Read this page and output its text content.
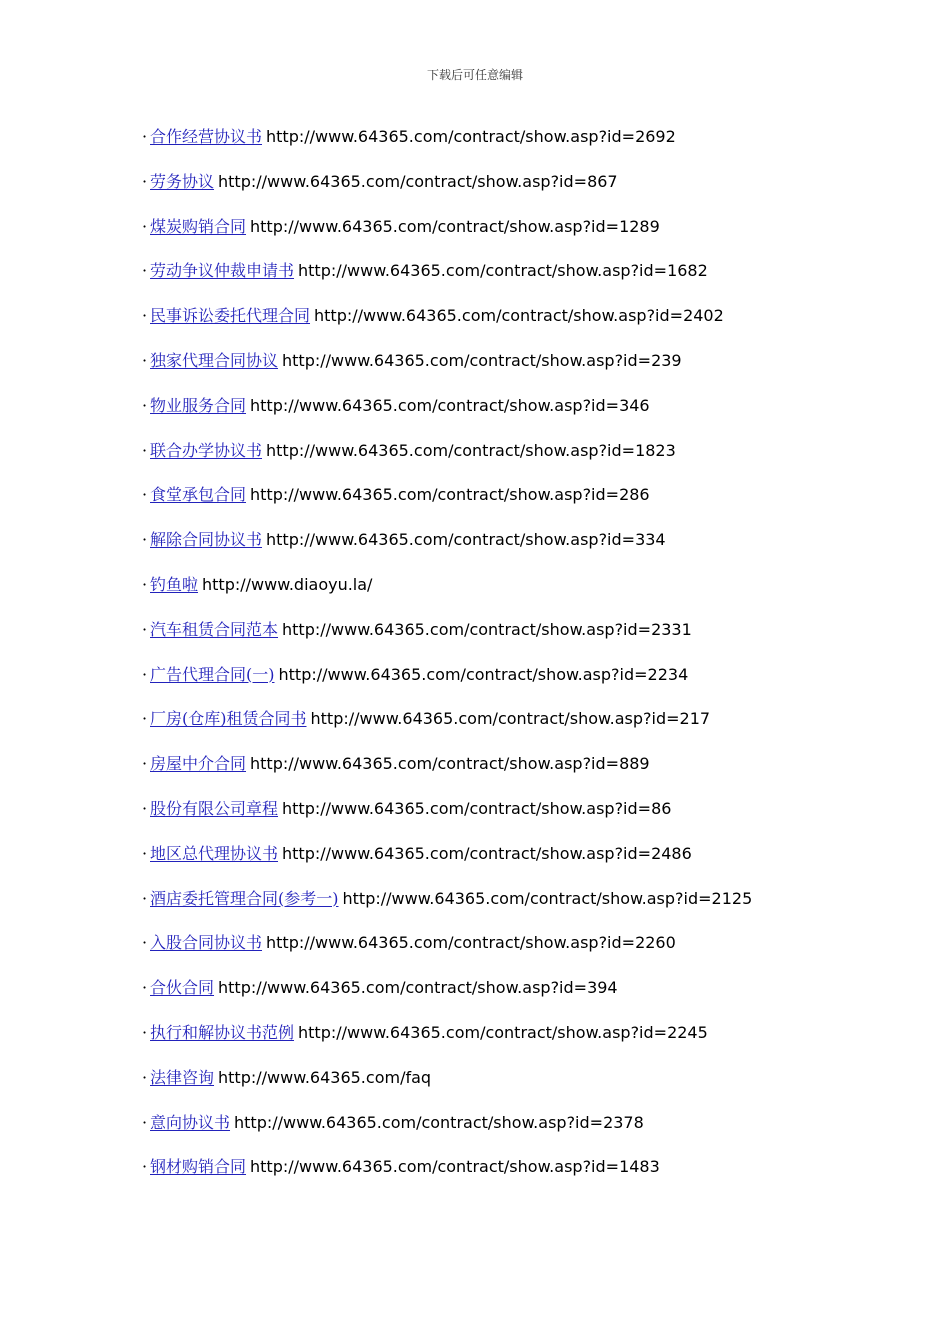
下载后可任意编辑
· 合作经营协议书 http://www.64365.com/contract/show.asp?id=2692
· 劳务协议 http://www.64365.com/contract/show.asp?id=867
· 煤炭购销合同 http://www.64365.com/contract/show.asp?id=1289
· 劳动争议仲裁申请书 http://www.64365.com/contract/show.asp?id=1682
· 民事诉讼委托代理合同 http://www.64365.com/contract/show.asp?id=2402
· 独家代理合同协议 http://www.64365.com/contract/show.asp?id=239
· 物业服务合同 http://www.64365.com/contract/show.asp?id=346
· 联合办学协议书 http://www.64365.com/contract/show.asp?id=1823
· 食堂承包合同 http://www.64365.com/contract/show.asp?id=286
· 解除合同协议书 http://www.64365.com/contract/show.asp?id=334
· 钓鱼啦 http://www.diaoyu.la/
· 汽车租赁合同范本 http://www.64365.com/contract/show.asp?id=2331
· 广告代理合同(一) http://www.64365.com/contract/show.asp?id=2234
· 厂房(仓库)租赁合同书 http://www.64365.com/contract/show.asp?id=217
· 房屋中介合同 http://www.64365.com/contract/show.asp?id=889
· 股份有限公司章程 http://www.64365.com/contract/show.asp?id=86
· 地区总代理协议书 http://www.64365.com/contract/show.asp?id=2486
· 酒店委托管理合同(参考一) http://www.64365.com/contract/show.asp?id=2125
· 入股合同协议书 http://www.64365.com/contract/show.asp?id=2260
· 合伙合同 http://www.64365.com/contract/show.asp?id=394
· 执行和解协议书范例 http://www.64365.com/contract/show.asp?id=2245
· 法律咨询 http://www.64365.com/faq
· 意向协议书 http://www.64365.com/contract/show.asp?id=2378
· 钢材购销合同 http://www.64365.com/contract/show.asp?id=1483
